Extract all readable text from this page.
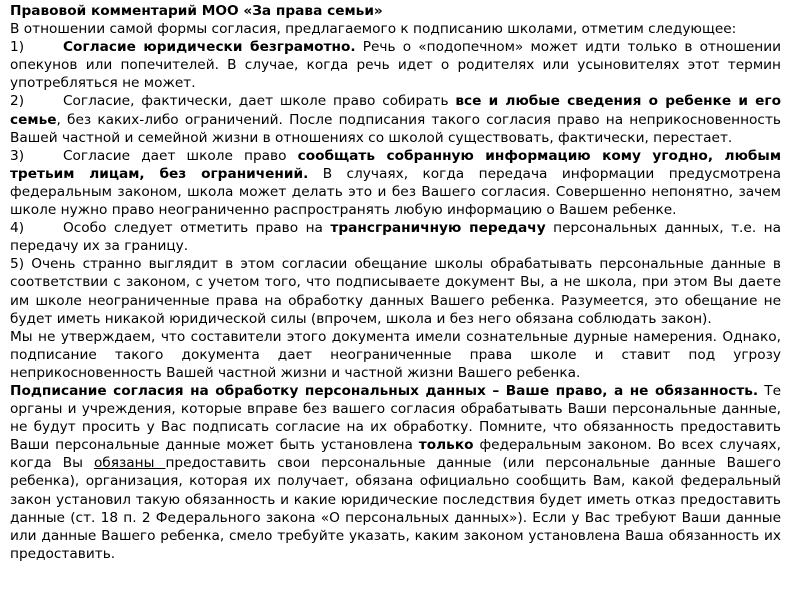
Правовой комментарий МОО «За права семьи»

В отношении самой формы согласия, предлагаемого к подписанию школами, отметим следующее:

1)	Согласие юридически безграмотно. Речь о «подопечном» может идти только в отношении опекунов или попечителей. В случае, когда речь идет о родителях или усыновителях этот термин употребляться не может.

2)	Согласие, фактически, дает школе право собирать все и любые сведения о ребенке и его семье, без каких-либо ограничений. После подписания такого согласия право на неприкосновенность Вашей частной и семейной жизни в отношениях со школой существовать, фактически, перестает.

3)	Согласие дает школе право сообщать собранную информацию кому угодно, любым третьим лицам, без ограничений. В случаях, когда передача информации предусмотрена федеральным законом, школа может делать это и без Вашего согласия. Совершенно непонятно, зачем школе нужно право неограниченно распространять любую информацию о Вашем ребенке.

4)	Особо следует отметить право на трансграничную передачу персональных данных, т.е. на передачу их за границу.

5) Очень странно выглядит в этом согласии обещание школы обрабатывать персональные данные в соответствии с законом, с учетом того, что подписываете документ Вы, а не школа, при этом Вы даете им школе неограниченные права на обработку данных Вашего ребенка. Разумеется, это обещание не будет иметь никакой юридической силы (впрочем, школа и без него обязана соблюдать закон).

Мы не утверждаем, что составители этого документа имели сознательные дурные намерения. Однако, подписание такого документа дает неограниченные права школе и ставит под угрозу неприкосновенность Вашей частной жизни и частной жизни Вашего ребенка.

Подписание согласия на обработку персональных данных – Ваше право, а не обязанность. Те органы и учреждения, которые вправе без вашего согласия обрабатывать Ваши персональные данные, не будут просить у Вас подписать согласие на их обработку. Помните, что обязанность предоставить Ваши персональные данные может быть установлена только федеральным законом. Во всех случаях, когда Вы обязаны предоставить свои персональные данные (или персональные данные Вашего ребенка), организация, которая их получает, обязана официально сообщить Вам, какой федеральный закон установил такую обязанность и какие юридические последствия будет иметь отказ предоставить данные (ст. 18 п. 2 Федерального закона «О персональных данных»). Если у Вас требуют Ваши данные или данные Вашего ребенка, смело требуйте указать, каким законом установлена Ваша обязанность их предоставить.
